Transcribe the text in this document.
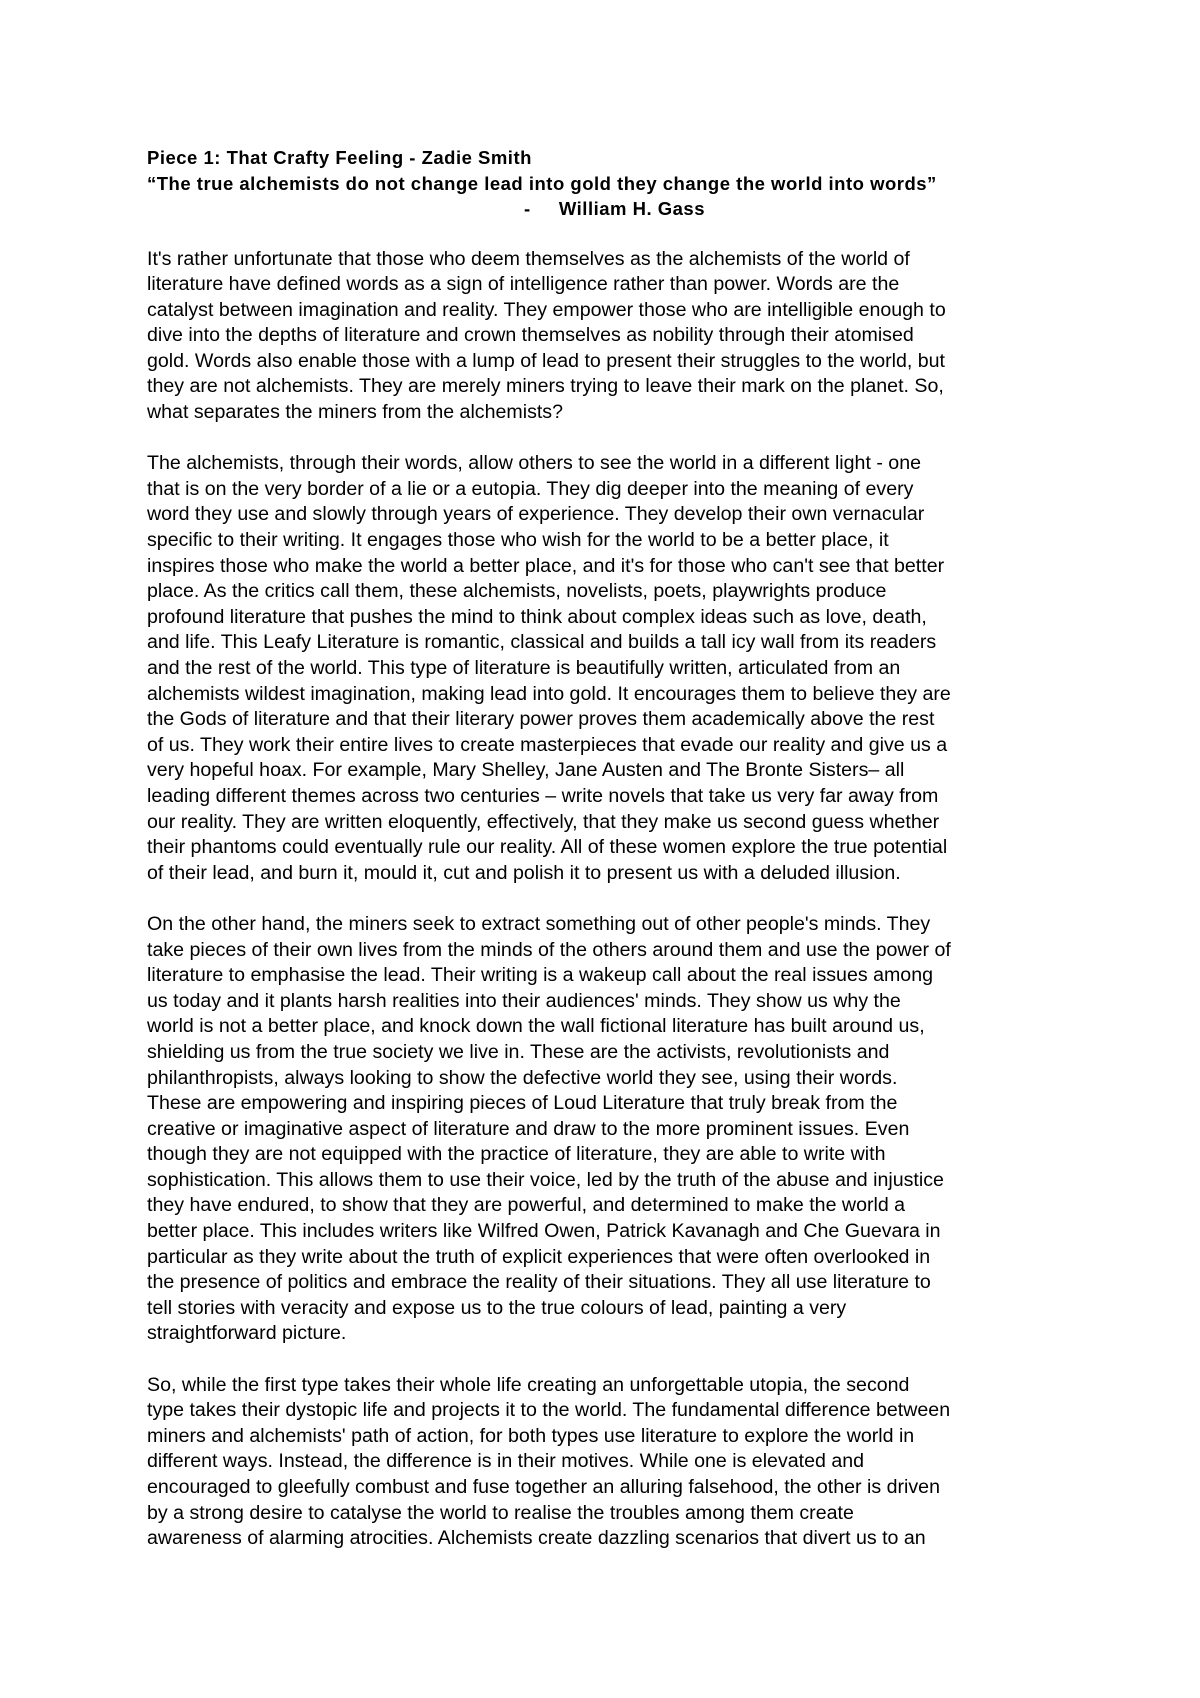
Piece 1: That Crafty Feeling - Zadie Smith

“The true alchemists do not change lead into gold they change the world into words”

-     William H. Gass

It's rather unfortunate that those who deem themselves as the alchemists of the world of
literature have defined words as a sign of intelligence rather than power. Words are the
catalyst between imagination and reality. They empower those who are intelligible enough to
dive into the depths of literature and crown themselves as nobility through their atomised
gold. Words also enable those with a lump of lead to present their struggles to the world, but
they are not alchemists. They are merely miners trying to leave their mark on the planet. So,
what separates the miners from the alchemists?

The alchemists, through their words, allow others to see the world in a different light - one
that is on the very border of a lie or a eutopia. They dig deeper into the meaning of every
word they use and slowly through years of experience. They develop their own vernacular
specific to their writing. It engages those who wish for the world to be a better place, it
inspires those who make the world a better place, and it's for those who can't see that better
place. As the critics call them, these alchemists, novelists, poets, playwrights produce
profound literature that pushes the mind to think about complex ideas such as love, death,
and life. This Leafy Literature is romantic, classical and builds a tall icy wall from its readers
and the rest of the world. This type of literature is beautifully written, articulated from an
alchemists wildest imagination, making lead into gold. It encourages them to believe they are
the Gods of literature and that their literary power proves them academically above the rest
of us. They work their entire lives to create masterpieces that evade our reality and give us a
very hopeful hoax. For example, Mary Shelley, Jane Austen and The Bronte Sisters– all
leading different themes across two centuries – write novels that take us very far away from
our reality. They are written eloquently, effectively, that they make us second guess whether
their phantoms could eventually rule our reality. All of these women explore the true potential
of their lead, and burn it, mould it, cut and polish it to present us with a deluded illusion.

On the other hand, the miners seek to extract something out of other people's minds. They
take pieces of their own lives from the minds of the others around them and use the power of
literature to emphasise the lead. Their writing is a wakeup call about the real issues among
us today and it plants harsh realities into their audiences' minds. They show us why the
world is not a better place, and knock down the wall fictional literature has built around us,
shielding us from the true society we live in. These are the activists, revolutionists and
philanthropists, always looking to show the defective world they see, using their words.
These are empowering and inspiring pieces of Loud Literature that truly break from the
creative or imaginative aspect of literature and draw to the more prominent issues. Even
though they are not equipped with the practice of literature, they are able to write with
sophistication. This allows them to use their voice, led by the truth of the abuse and injustice
they have endured, to show that they are powerful, and determined to make the world a
better place. This includes writers like Wilfred Owen, Patrick Kavanagh and Che Guevara in
particular as they write about the truth of explicit experiences that were often overlooked in
the presence of politics and embrace the reality of their situations. They all use literature to
tell stories with veracity and expose us to the true colours of lead, painting a very
straightforward picture.

So, while the first type takes their whole life creating an unforgettable utopia, the second
type takes their dystopic life and projects it to the world. The fundamental difference between
miners and alchemists' path of action, for both types use literature to explore the world in
different ways. Instead, the difference is in their motives. While one is elevated and
encouraged to gleefully combust and fuse together an alluring falsehood, the other is driven
by a strong desire to catalyse the world to realise the troubles among them create
awareness of alarming atrocities. Alchemists create dazzling scenarios that divert us to an
